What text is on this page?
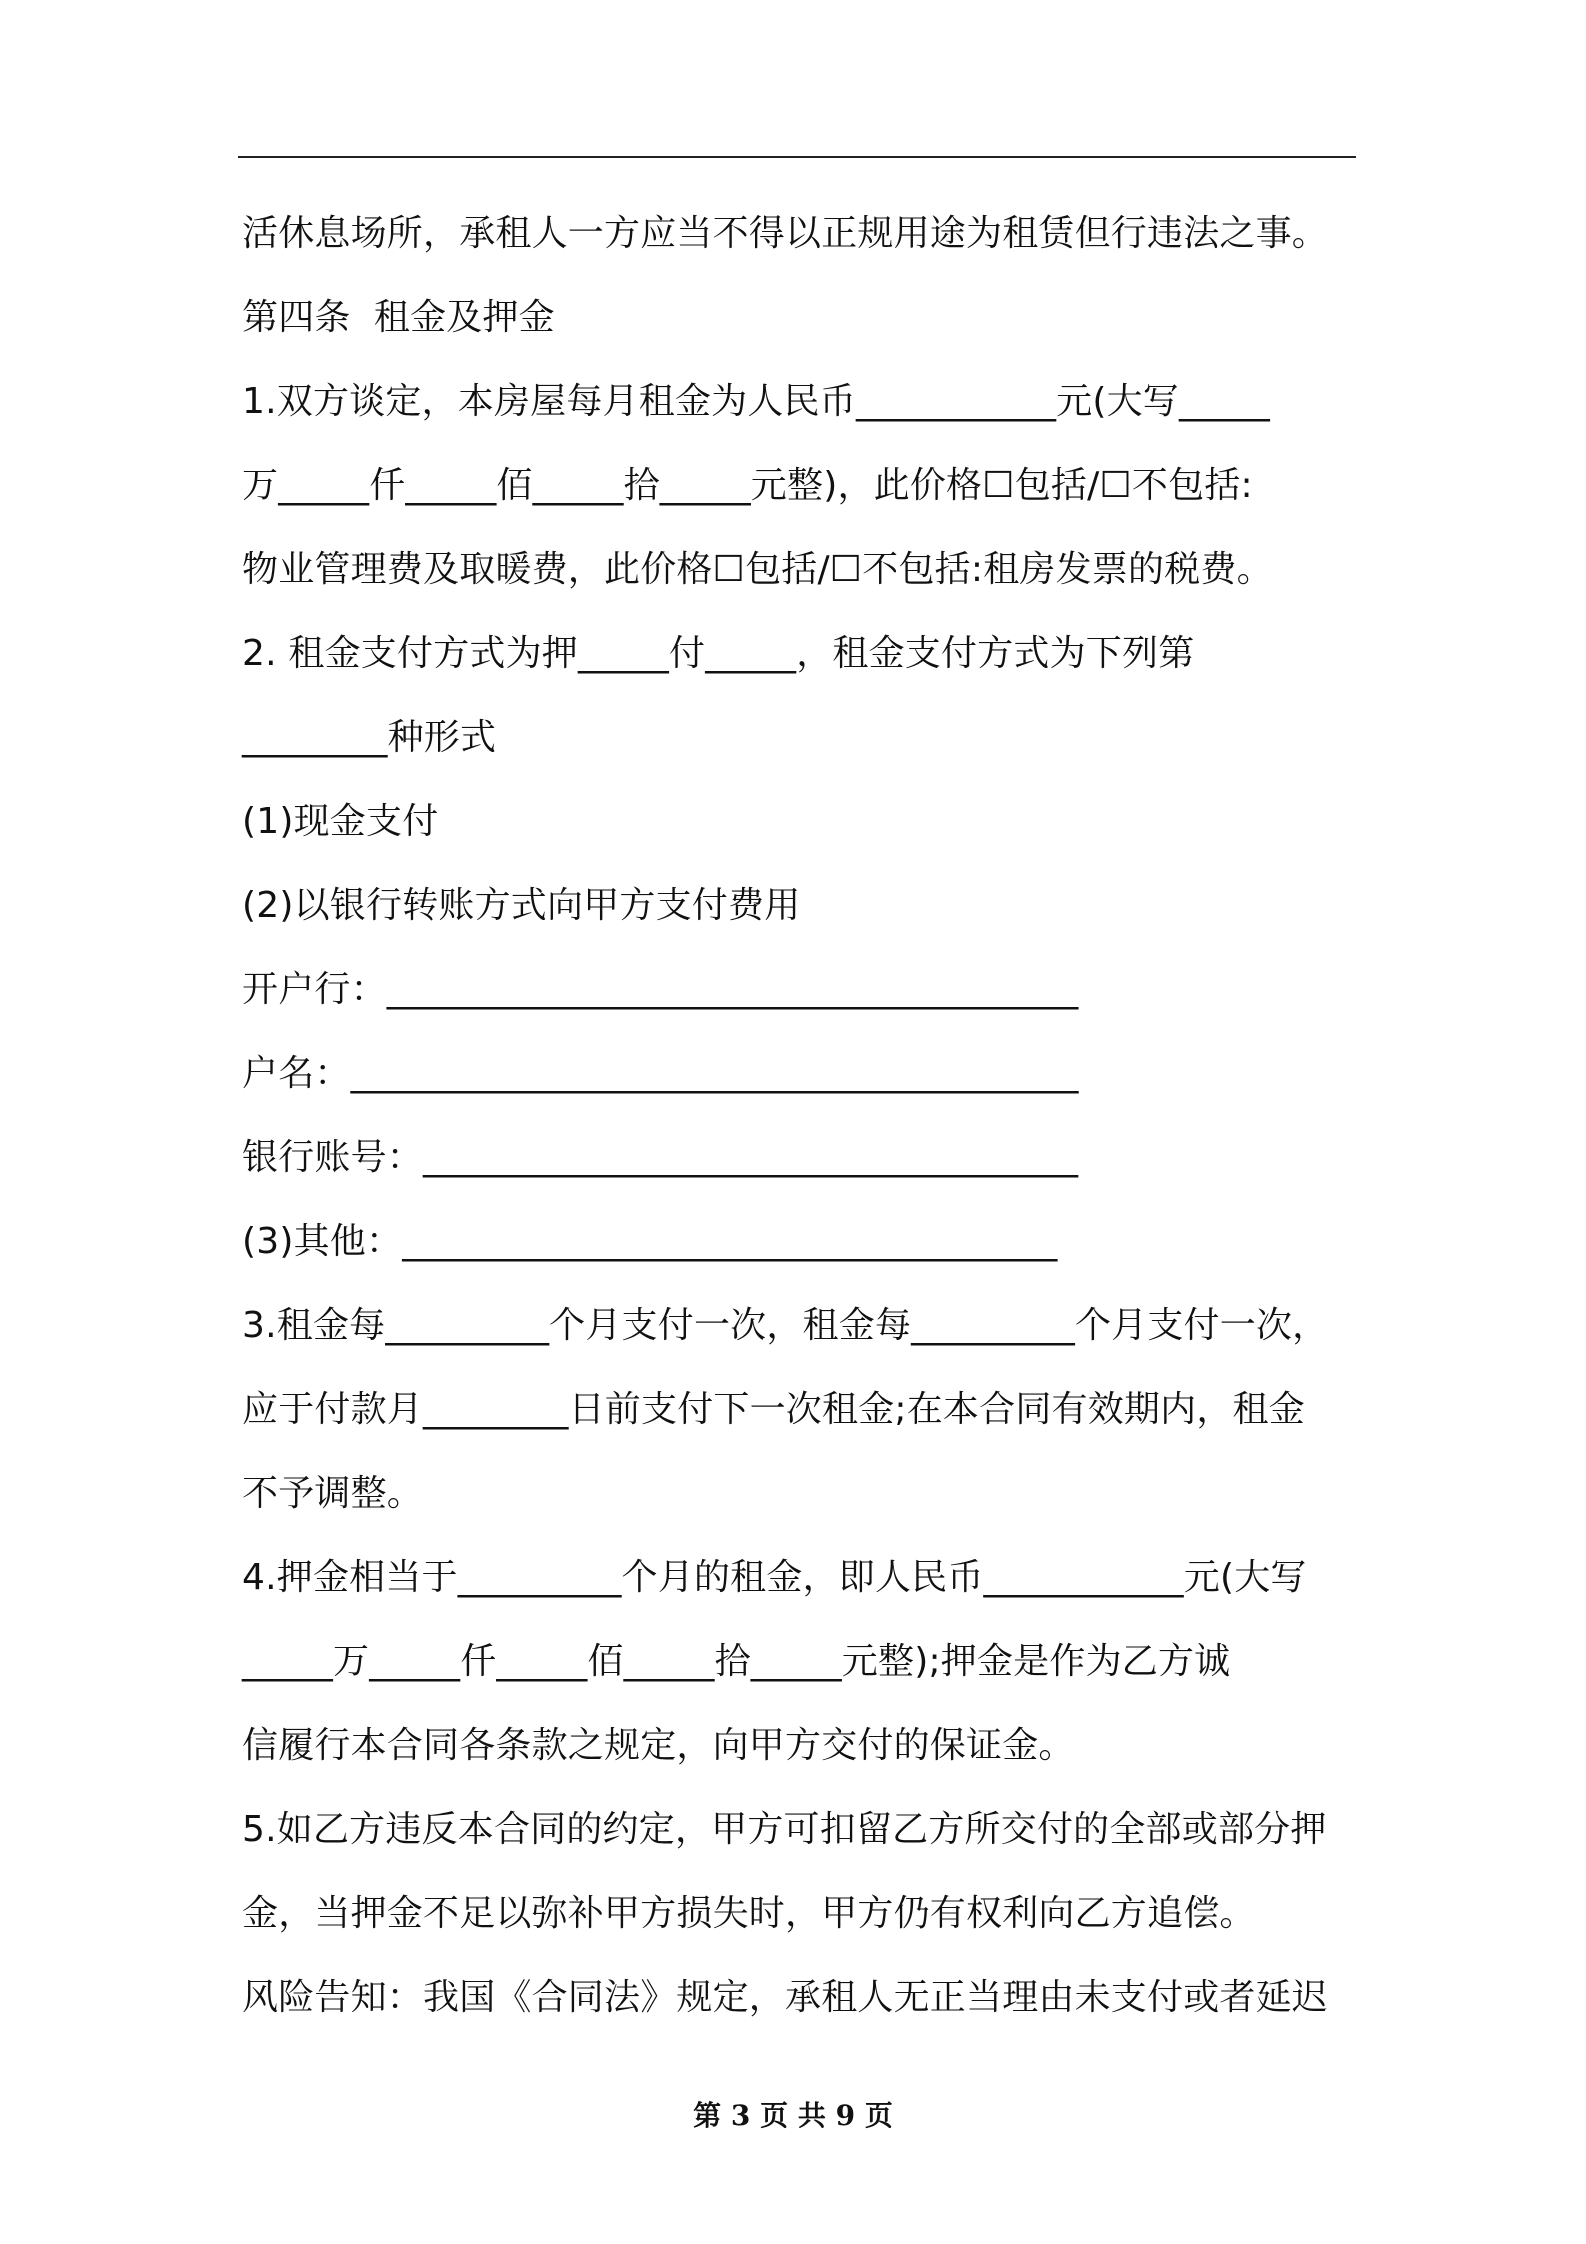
活休息场所，承租人一方应当不得以正规用途为租赁但行违法之事。
第四条  租金及押金
1.双方谈定，本房屋每月租金为人民币___________元(大写_____
万_____仟_____佰_____拾_____元整)，此价格☐包括/☐不包括:
物业管理费及取暖费，此价格☐包括/☐不包括:租房发票的税费。
2. 租金支付方式为押_____付_____，租金支付方式为下列第
________种形式
(1)现金支付
(2)以银行转账方式向甲方支付费用
开户行：______________________________________
户名：________________________________________
银行账号：____________________________________
(3)其他：____________________________________
3.租金每_________个月支付一次，租金每_________个月支付一次，
应于付款月________日前支付下一次租金;在本合同有效期内，租金
不予调整。
4.押金相当于_________个月的租金，即人民币___________元(大写
_____万_____仟_____佰_____拾_____元整);押金是作为乙方诚
信履行本合同各条款之规定，向甲方交付的保证金。
5.如乙方违反本合同的约定，甲方可扣留乙方所交付的全部或部分押
金，当押金不足以弥补甲方损失时，甲方仍有权利向乙方追偿。
风险告知：我国《合同法》规定，承租人无正当理由未支付或者延迟
第 3 页 共 9 页
